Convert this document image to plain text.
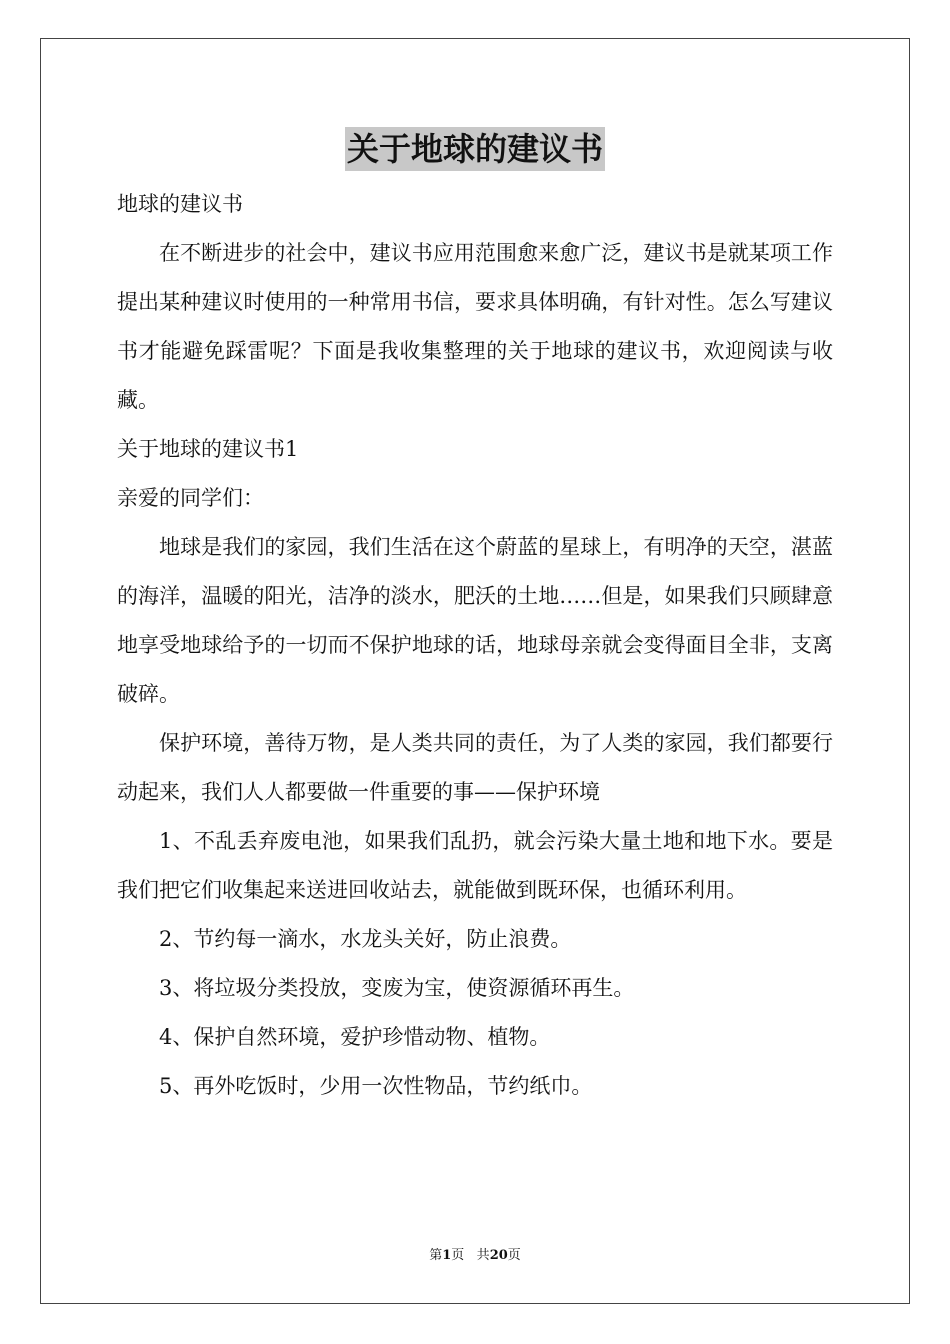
关于地球的建议书

地球的建议书

在不断进步的社会中，建议书应用范围愈来愈广泛，建议书是就某项工作提出某种建议时使用的一种常用书信，要求具体明确，有针对性。怎么写建议书才能避免踩雷呢？下面是我收集整理的关于地球的建议书，欢迎阅读与收藏。

关于地球的建议书1

亲爱的同学们：

地球是我们的家园，我们生活在这个蔚蓝的星球上，有明净的天空，湛蓝的海洋，温暖的阳光，洁净的淡水，肥沃的土地……但是，如果我们只顾肆意地享受地球给予的一切而不保护地球的话，地球母亲就会变得面目全非，支离破碎。

保护环境，善待万物，是人类共同的责任，为了人类的家园，我们都要行动起来，我们人人都要做一件重要的事——保护环境

1、不乱丢弃废电池，如果我们乱扔，就会污染大量土地和地下水。要是我们把它们收集起来送进回收站去，就能做到既环保，也循环利用。

2、节约每一滴水，水龙头关好，防止浪费。

3、将垃圾分类投放，变废为宝，使资源循环再生。

4、保护自然环境，爱护珍惜动物、植物。

5、再外吃饭时，少用一次性物品，节约纸巾。

第1页 共20页
